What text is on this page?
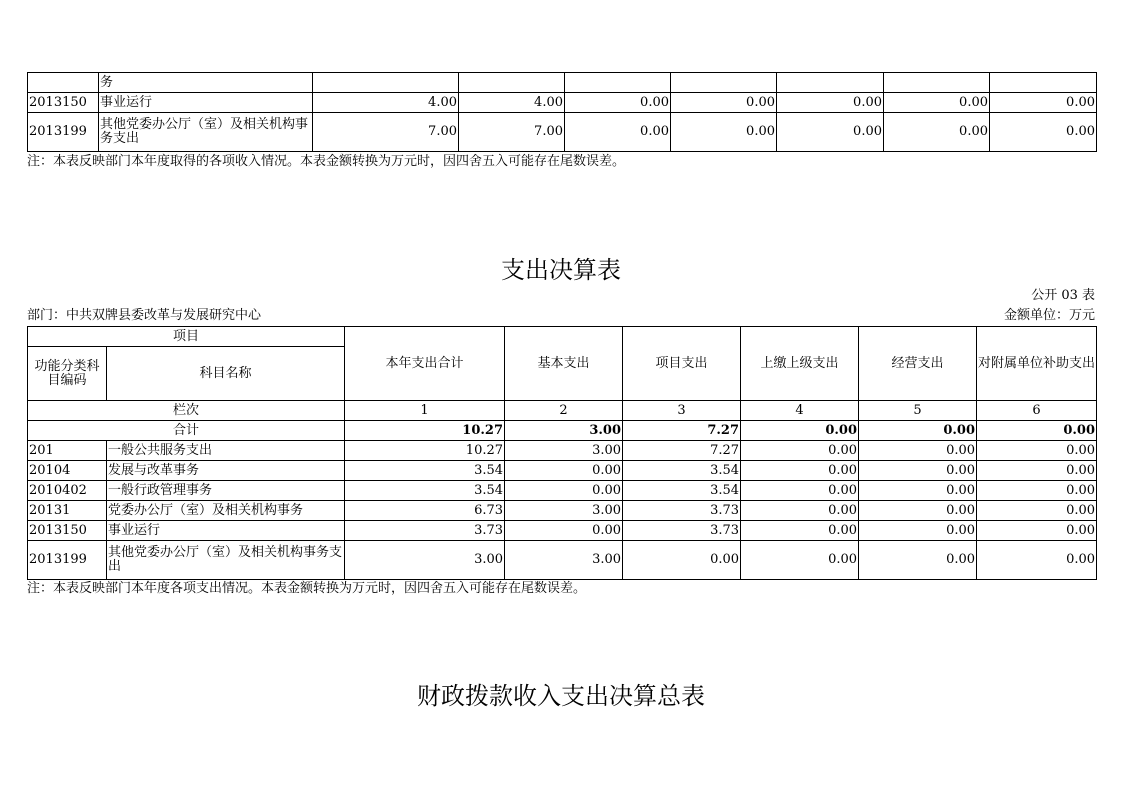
	务							
2013150	事业运行	4.00	4.00	0.00	0.00	0.00	0.00	0.00
2013199	其他党委办公厅（室）及相关机构事务支出	7.00	7.00	0.00	0.00	0.00	0.00	0.00
注：本表反映部门本年度取得的各项收入情况。本表金额转换为万元时，因四舍五入可能存在尾数误差。
支出决算表
公开 03 表
部门：中共双牌县委改革与发展研究中心	金额单位：万元
项目		本年支出合计	基本支出	项目支出	上缴上级支出	经营支出	对附属单位补助支出
功能分类科目编码	科目名称						
栏次		1	2	3	4	5	6
合计		10.27	3.00	7.27	0.00	0.00	0.00
201	一般公共服务支出	10.27	3.00	7.27	0.00	0.00	0.00
20104	发展与改革事务	3.54	0.00	3.54	0.00	0.00	0.00
2010402	一般行政管理事务	3.54	0.00	3.54	0.00	0.00	0.00
20131	党委办公厅（室）及相关机构事务	6.73	3.00	3.73	0.00	0.00	0.00
2013150	事业运行	3.73	0.00	3.73	0.00	0.00	0.00
2013199	其他党委办公厅（室）及相关机构事务支出	3.00	3.00	0.00	0.00	0.00	0.00
注：本表反映部门本年度各项支出情况。本表金额转换为万元时，因四舍五入可能存在尾数误差。
财政拨款收入支出决算总表
